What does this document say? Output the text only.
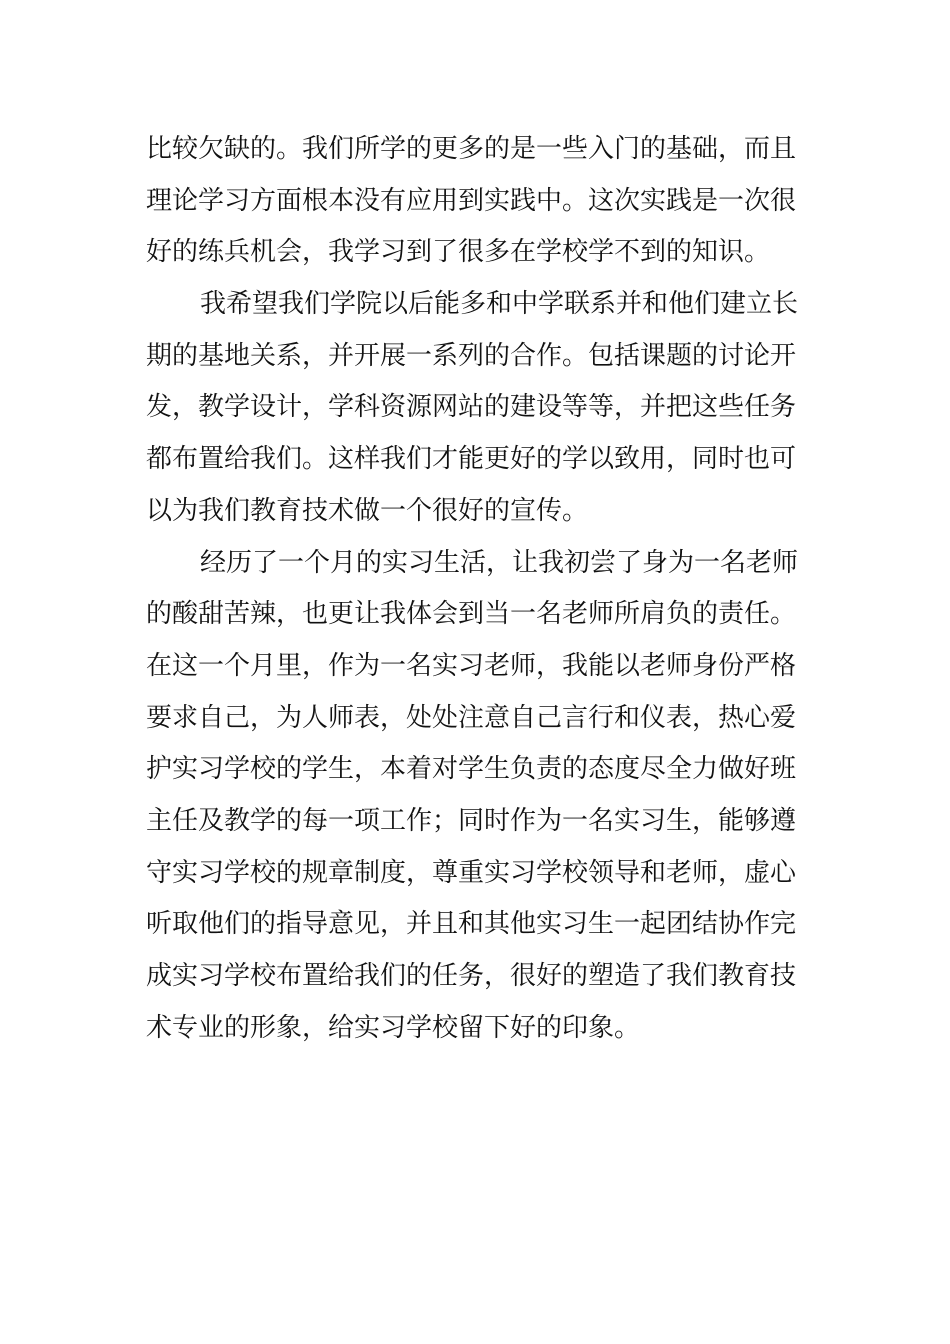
比较欠缺的。我们所学的更多的是一些入门的基础，而且
理论学习方面根本没有应用到实践中。这次实践是一次很
好的练兵机会，我学习到了很多在学校学不到的知识。
我希望我们学院以后能多和中学联系并和他们建立长
期的基地关系，并开展一系列的合作。包括课题的讨论开
发，教学设计，学科资源网站的建设等等，并把这些任务
都布置给我们。这样我们才能更好的学以致用，同时也可
以为我们教育技术做一个很好的宣传。
经历了一个月的实习生活，让我初尝了身为一名老师
的酸甜苦辣，也更让我体会到当一名老师所肩负的责任。
在这一个月里，作为一名实习老师，我能以老师身份严格
要求自己，为人师表，处处注意自己言行和仪表，热心爱
护实习学校的学生，本着对学生负责的态度尽全力做好班
主任及教学的每一项工作；同时作为一名实习生，能够遵
守实习学校的规章制度，尊重实习学校领导和老师，虚心
听取他们的指导意见，并且和其他实习生一起团结协作完
成实习学校布置给我们的任务，很好的塑造了我们教育技
术专业的形象，给实习学校留下好的印象。
